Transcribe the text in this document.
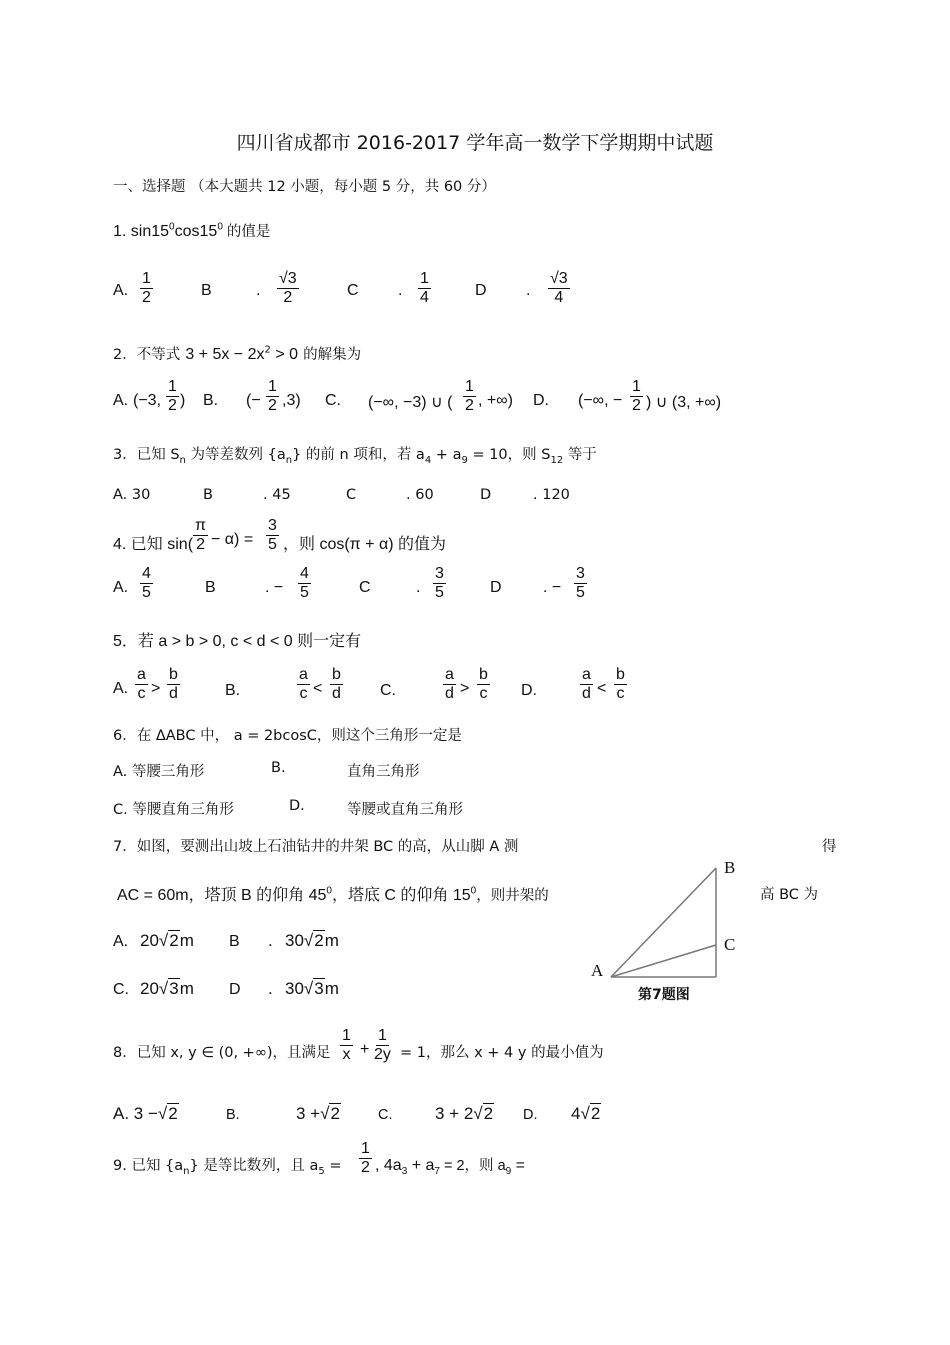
四川省成都市 2016-2017 学年高一数学下学期期中试题
一、选择题 （本大题共 12 小题，每小题 5 分，共 60 分）
1. $\sin 15^0\cos 15^0$ 的值是
A. $\frac{1}{2}$	B	. $\frac{√3}{2}$	C . $\frac{1}{4}$	D . $\frac{√3}{4}$
2．不等式 $3 + 5x - 2x^2 > 0$ 的解集为
A. (−3, $\frac{1}{2}$ ) B. (− $\frac{1}{2} ,3$) C. (−∞, −3) ∪ ( $\frac{1}{2}$ , +∞) D. (−∞, − $\frac{1}{2}$ ) ∪ (3, +∞)
3．已知 $S_n$ 为等差数列 $\{a_n\}$ 的前 n 项和，若 $a_4 + a_9 = 10$，则 $S_{12}$ 等于
A. 30	B	. 45	C	. 60	D	. 120
4. 已知 $\sin( \frac{\pi}{2} - \alpha) = \frac{3}{5}$ ，则 cos(π + α) 的值为
A. $\frac{4}{5}$	B	. − $\frac{4}{5}$	C	. $\frac{3}{5}$	D	. − $\frac{3}{5}$
5．若 a > b > 0, c < d < 0 则一定有
A. $\frac{a}{c} > \frac{b}{d}$	B.	$\frac{a}{c} < \frac{b}{d} C$.	$\frac{a}{d} > \frac{b}{c} D$.	$\frac{a}{d} < \frac{b}{c}$
6．在 ΔABC 中， a = 2bcosC，则这个三角形一定是
A. 等腰三角形	B.	直角三角形
C. 等腰直角三角形	D.	等腰或直角三角形
7．如图，要测出山坡上石油钻井的井架 BC 的高，从山脚 A 测	得
AC = 60m，塔顶 B 的仰角 $45^0$，塔底 C 的仰角 $15^0$，则井架的	高 BC 为
A. 20√2m B . 30√2m
C. 20√3m D . 30√3m
A
B
C
第7题图
8．已知 x, y ∈ (0, +∞)，且满足 $\frac{1}{x} + \frac{1}{2y} = 1$，那么 x + 4 y 的最小值为
A. 3 −√2	B.	3 +√2	C.	3 + 2√2 D. 4√2
9. 已知 $\{a_n\}$ 是等比数列，且 $a_5 = \frac{1}{2}$ , $4a_3 + a_7 = 2$，则 $a_9$ =
